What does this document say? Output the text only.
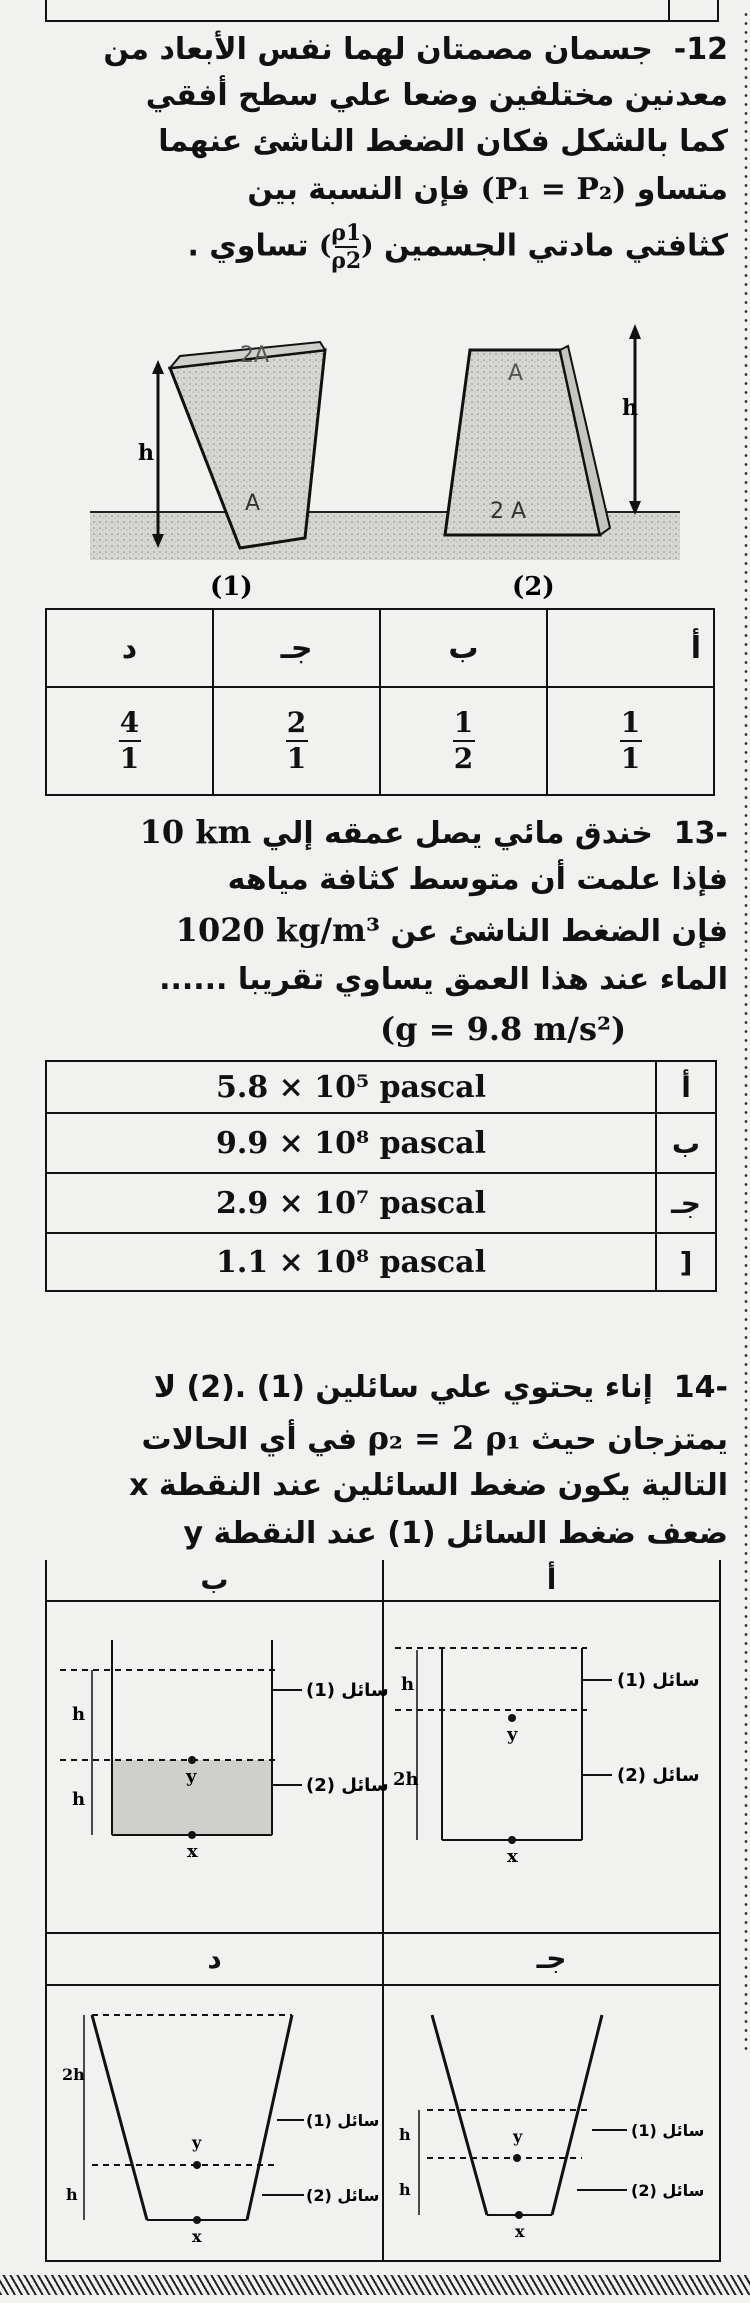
12-  جسمان مصمتان لهما نفس الأبعاد من
معدنين مختلفين وضعا علي سطح أفقي
كما بالشكل فكان الضغط الناشئ عنهما
متساو (P₁ = P₂) فإن النسبة بين
كثافتي مادتي الجسمين ( $\frac{\rho 1}{\rho 2}$ ) تساوي .
2A
A
h
A
2 A
h
(1)	(2)
د	جـ	ب	أ

$\frac{4}{1}$	$\frac{2}{1}$	$\frac{1}{2}$	$\frac{1}{1}$
-13  خندق مائي يصل عمقه إلي 10 km
فإذا علمت أن متوسط كثافة مياهه
فإن الضغط الناشئ عن 1020 kg/m³
الماء عند هذا العمق يساوي تقريبا ......
(g = 9.8 m/s²)
5.8 × 10⁵ pascal	أ
9.9 × 10⁸ pascal	ب
2.9 × 10⁷ pascal	جـ
1.1 × 10⁸ pascal	]
-14  إناء يحتوي علي سائلين (1) .(2) لا
يمتزجان حيث ρ₂ = 2 ρ₁ في أي الحالات
التالية يكون ضغط السائلين عند النقطة x
ضعف ضغط السائل (1) عند النقطة y
ب	أ
د	جـ
h
2h
y
x
سائل (1)
سائل (2)
h
h
y
x
سائل (1)
سائل (2)
2h
h
y
x
سائل (1)
سائل (2)
h
h
y
x
سائل (1)
سائل (2)
